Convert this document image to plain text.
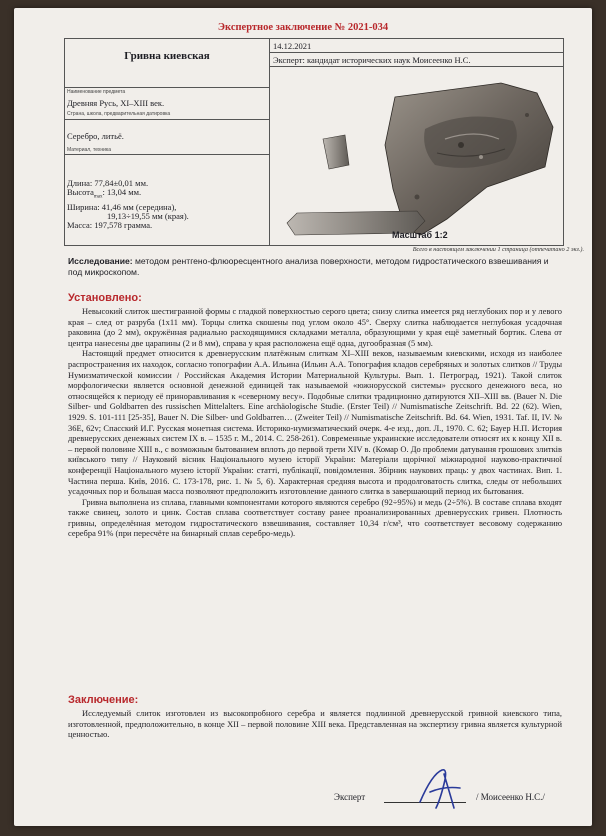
Экспертное заключение № 2021-034
Гривна киевская
14.12.2021
Эксперт: кандидат исторических наук Моисеенко Н.С.
Наименование предмета
Древняя Русь, XI–XIII век.
Страна, школа, предварительная датировка
Серебро, литьё.
Материал, техника
Длина: 77,84±0,01 мм.
Высота$_{max}$: 13,04 мм.
Ширина: 41,46 мм (середина),
19,13÷19,55 мм (края).
Масса: 197,578 грамма.
Масштаб 1:2
Всего в настоящем заключении 1 страница (отпечатано 2 экз.).
Исследование: методом рентгено-флюоресцентного анализа поверхности, методом гидростатического взвешивания и под микроскопом.
Установлено:

Невысокий слиток шестигранной формы с гладкой поверхностью серого цвета; снизу слитка имеется ряд неглубоких пор и у левого края – след от разруба (1х11 мм). Торцы слитка скошены под углом около 45°. Сверху слитка наблюдается неглубокая усадочная раковина (до 2 мм), окружённая радиально расходящимися складками металла, образующими у края ещё заметный бортик. Слева от центра нанесены две царапины (2 и 8 мм), справа у края расположена ещё одна, дугообразная (5 мм).

Настоящий предмет относится к древнерусским платёжным слиткам XI–XIII веков, называемым киевскими, исходя из наиболее распространения их находок, согласно топографии А.А. Ильина (Ильин А.А. Топография кладов серебряных и золотых слитков // Труды Нумизматической комиссии / Российская Академия Истории Материальной Культуры. Вып. 1. Петроград, 1921). Такой слиток морфологически является основной денежной единицей так называемой «южнорусской системы» русского денежного веса, но относящейся к периоду её приноравливания к «северному весу». Подобные слитки традиционно датируются XII–XIII вв. (Bauer N. Die Silber- und Goldbarren des russischen Mittelalters. Eine archäologische Studie. (Erster Teil) // Numismatische Zeitschrift. Bd. 22 (62). Wien, 1929. S. 101-111 [25-35], Bauer N. Die Silber- und Goldbarren… (Zweiter Teil) // Numismatische Zeitschrift. Bd. 64. Wien, 1931. Taf. II, IV. № 36E, 62v; Спасский И.Г. Русская монетная система. Историко-нумизматический очерк. 4-е изд., доп. Л., 1970. С. 62; Бауер Н.П. История древнерусских денежных систем IX в. – 1535 г. М., 2014. С. 258-261). Современные украинские исследователи относят их к концу XII в. – первой половине XIII в., с возможным бытованием вплоть до первой трети XIV в. (Комар О. До проблеми датування грошових злитків київського типу // Науковий вісник Національного музею історії України: Матеріали щорічної міжнародної науково-практичної конференції Національного музею історії України: статті, публікації, повідомлення. Збірник наукових праць: у двох частинах. Вип. 1. Частина перша. Київ, 2016. С. 173-178, рис. 1. № 5, 6). Характерная средняя высота и продолговатость слитка, следы от небольших усадочных пор и большая масса позволяют предположить изготовление данного слитка в завершающий период их бытования.

Гривна выполнена из сплава, главными компонентами которого являются серебро (92÷95%) и медь (2÷5%). В составе сплава входят также свинец, золото и цинк. Состав сплава соответствует составу ранее проанализированных древнерусских гривен. Плотность гривны, определённая методом гидростатического взвешивания, составляет 10,34 г/см³, что соответствует весовому содержанию серебра 91% (при пересчёте на бинарный сплав серебро-медь).

Заключение:

Исследуемый слиток изготовлен из высокопробного серебра и является подлинной древнерусской гривной киевского типа, изготовленной, предположительно, в конце XII – первой половине XIII века. Представленная на экспертизу гривна является культурной ценностью.

Эксперт	/ Моисеенко Н.С./
